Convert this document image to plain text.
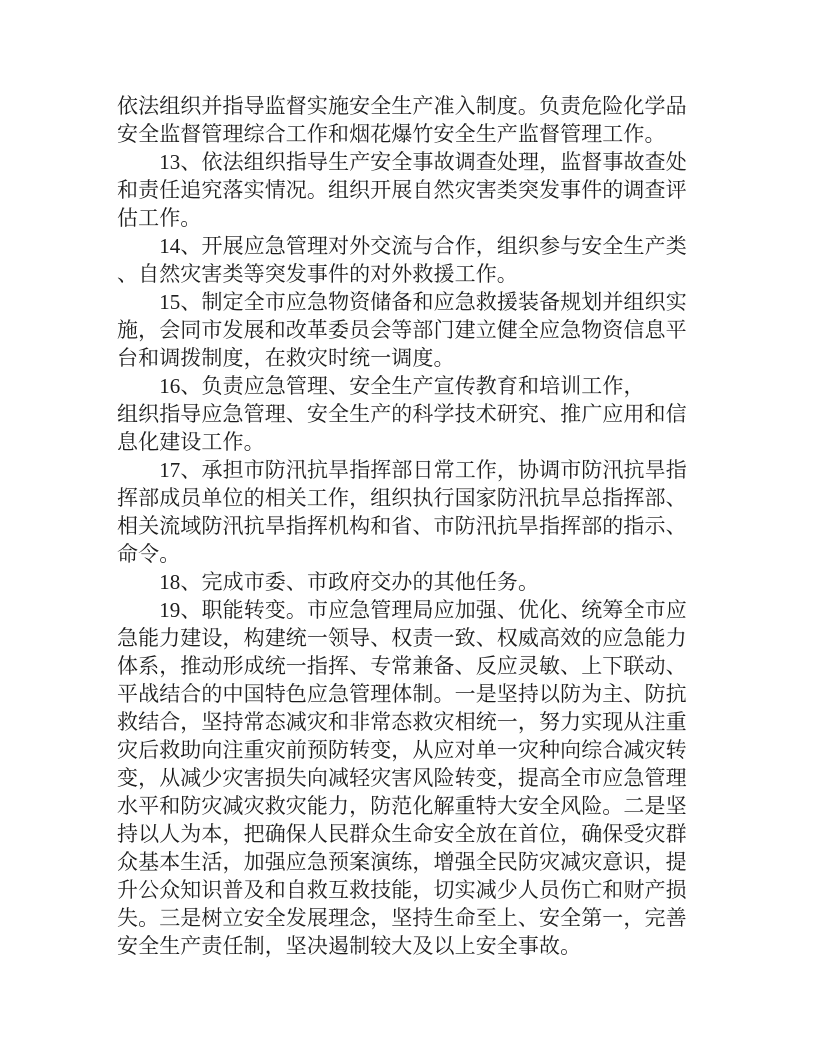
依法组织并指导监督实施安全生产准入制度。负责危险化学品
安全监督管理综合工作和烟花爆竹安全生产监督管理工作。
　　13、依法组织指导生产安全事故调查处理，监督事故查处
和责任追究落实情况。组织开展自然灾害类突发事件的调查评
估工作。
　　14、开展应急管理对外交流与合作，组织参与安全生产类
、自然灾害类等突发事件的对外救援工作。
　　15、制定全市应急物资储备和应急救援装备规划并组织实
施，会同市发展和改革委员会等部门建立健全应急物资信息平
台和调拨制度，在救灾时统一调度。
　　16、负责应急管理、安全生产宣传教育和培训工作，
组织指导应急管理、安全生产的科学技术研究、推广应用和信
息化建设工作。
　　17、承担市防汛抗旱指挥部日常工作，协调市防汛抗旱指
挥部成员单位的相关工作，组织执行国家防汛抗旱总指挥部、
相关流域防汛抗旱指挥机构和省、市防汛抗旱指挥部的指示、
命令。
　　18、完成市委、市政府交办的其他任务。
　　19、职能转变。市应急管理局应加强、优化、统筹全市应
急能力建设，构建统一领导、权责一致、权威高效的应急能力
体系，推动形成统一指挥、专常兼备、反应灵敏、上下联动、
平战结合的中国特色应急管理体制。一是坚持以防为主、防抗
救结合，坚持常态减灾和非常态救灾相统一，努力实现从注重
灾后救助向注重灾前预防转变，从应对单一灾种向综合减灾转
变，从减少灾害损失向减轻灾害风险转变，提高全市应急管理
水平和防灾减灾救灾能力，防范化解重特大安全风险。二是坚
持以人为本，把确保人民群众生命安全放在首位，确保受灾群
众基本生活，加强应急预案演练，增强全民防灾减灾意识，提
升公众知识普及和自救互救技能，切实减少人员伤亡和财产损
失。三是树立安全发展理念，坚持生命至上、安全第一，完善
安全生产责任制，坚决遏制较大及以上安全事故。
